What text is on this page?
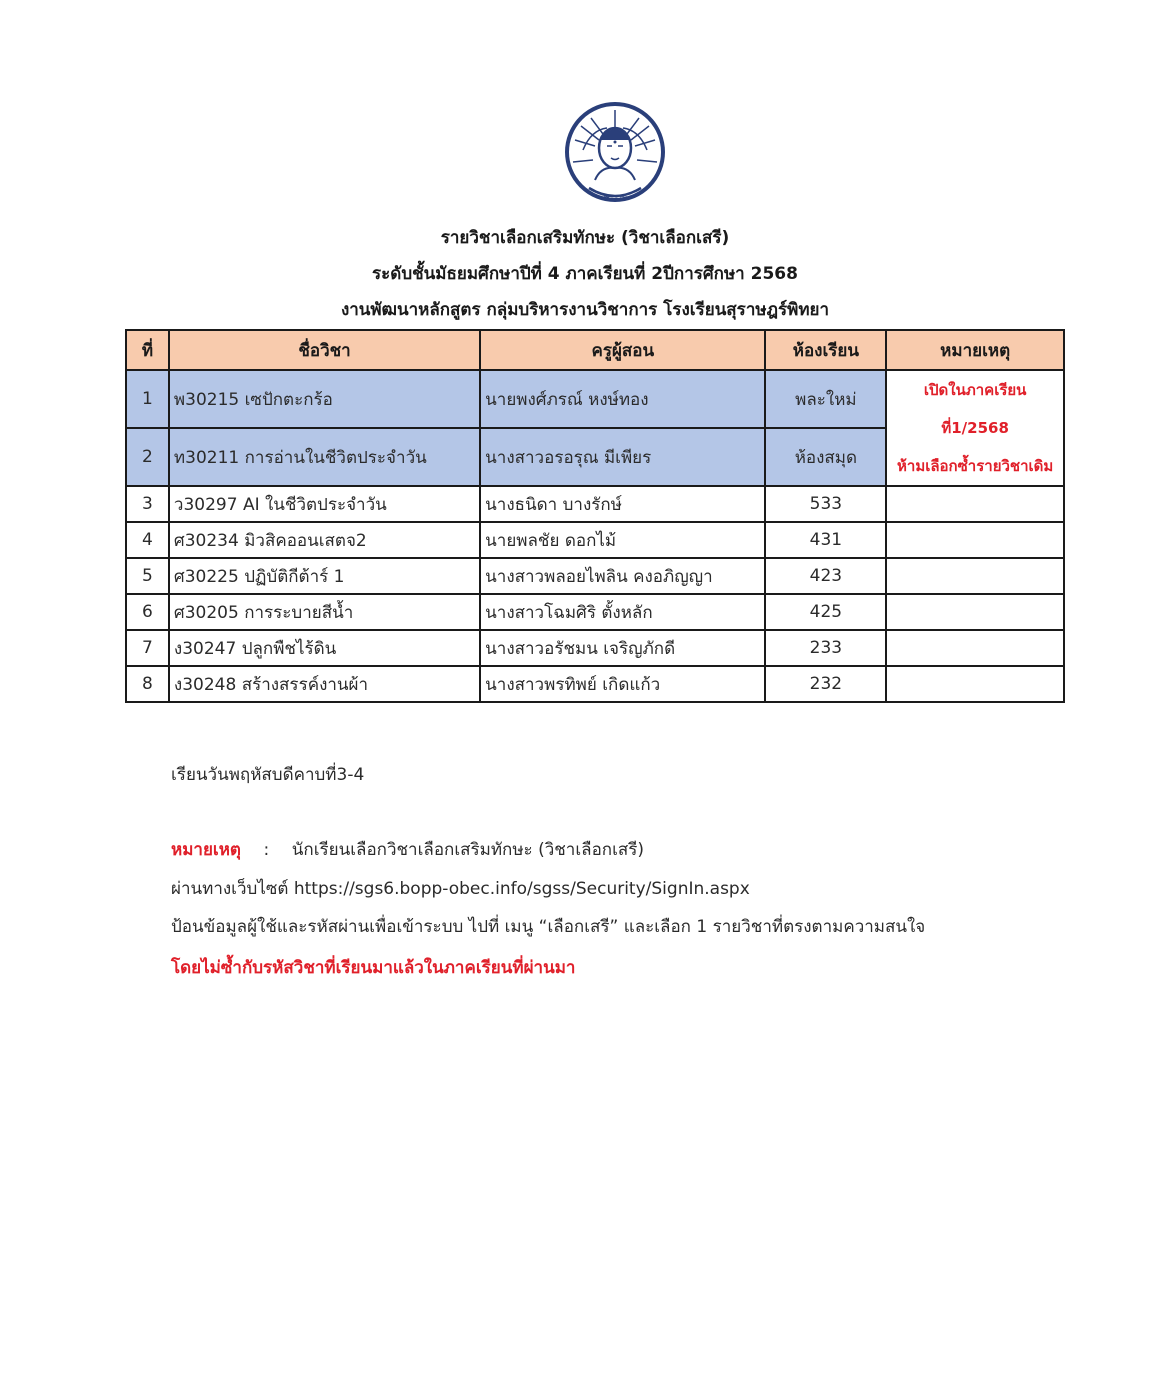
~~~~~
รายวิชาเลือกเสริมทักษะ (วิชาเลือกเสรี)
ระดับชั้นมัธยมศึกษาปีที่ 4 ภาคเรียนที่ 2ปีการศึกษา 2568
งานพัฒนาหลักสูตร กลุ่มบริหารงานวิชาการ โรงเรียนสุราษฎร์พิทยา
ที่	ชื่อวิชา	ครูผู้สอน	ห้องเรียน	หมายเหตุ
1	พ30215 เซปักตะกร้อ	นายพงศ์ภรณ์ หงษ์ทอง	พละใหม่	เปิดในภาคเรียนที่1/2568
ห้ามเลือกซ้ำรายวิชาเดิม

2	ท30211 การอ่านในชีวิตประจำวัน	นางสาวอรอรุณ มีเพียร	ห้องสมุด	
3	ว30297 AI ในชีวิตประจำวัน	นางธนิดา บางรักษ์	533	
4	ศ30234 มิวสิคออนเสตจ2	นายพลชัย ดอกไม้	431	
5	ศ30225 ปฏิบัติกีต้าร์ 1	นางสาวพลอยไพลิน คงอภิญญา	423	
6	ศ30205 การระบายสีน้ำ	นางสาวโฉมศิริ ตั้งหลัก	425	
7	ง30247 ปลูกพืชไร้ดิน	นางสาวอรัชมน เจริญภักดี	233	
8	ง30248 สร้างสรรค์งานผ้า	นางสาวพรทิพย์ เกิดแก้ว	232	
เรียนวันพฤหัสบดีคาบที่3-4
หมายเหตุ : นักเรียนเลือกวิชาเลือกเสริมทักษะ (วิชาเลือกเสรี)
ผ่านทางเว็บไซต์ https://sgs6.bopp-obec.info/sgss/Security/SignIn.aspx
ป้อนข้อมูลผู้ใช้และรหัสผ่านเพื่อเข้าระบบ ไปที่ เมนู “เลือกเสรี” และเลือก 1 รายวิชาที่ตรงตามความสนใจ
โดยไม่ซ้ำกับรหัสวิชาที่เรียนมาแล้วในภาคเรียนที่ผ่านมา
